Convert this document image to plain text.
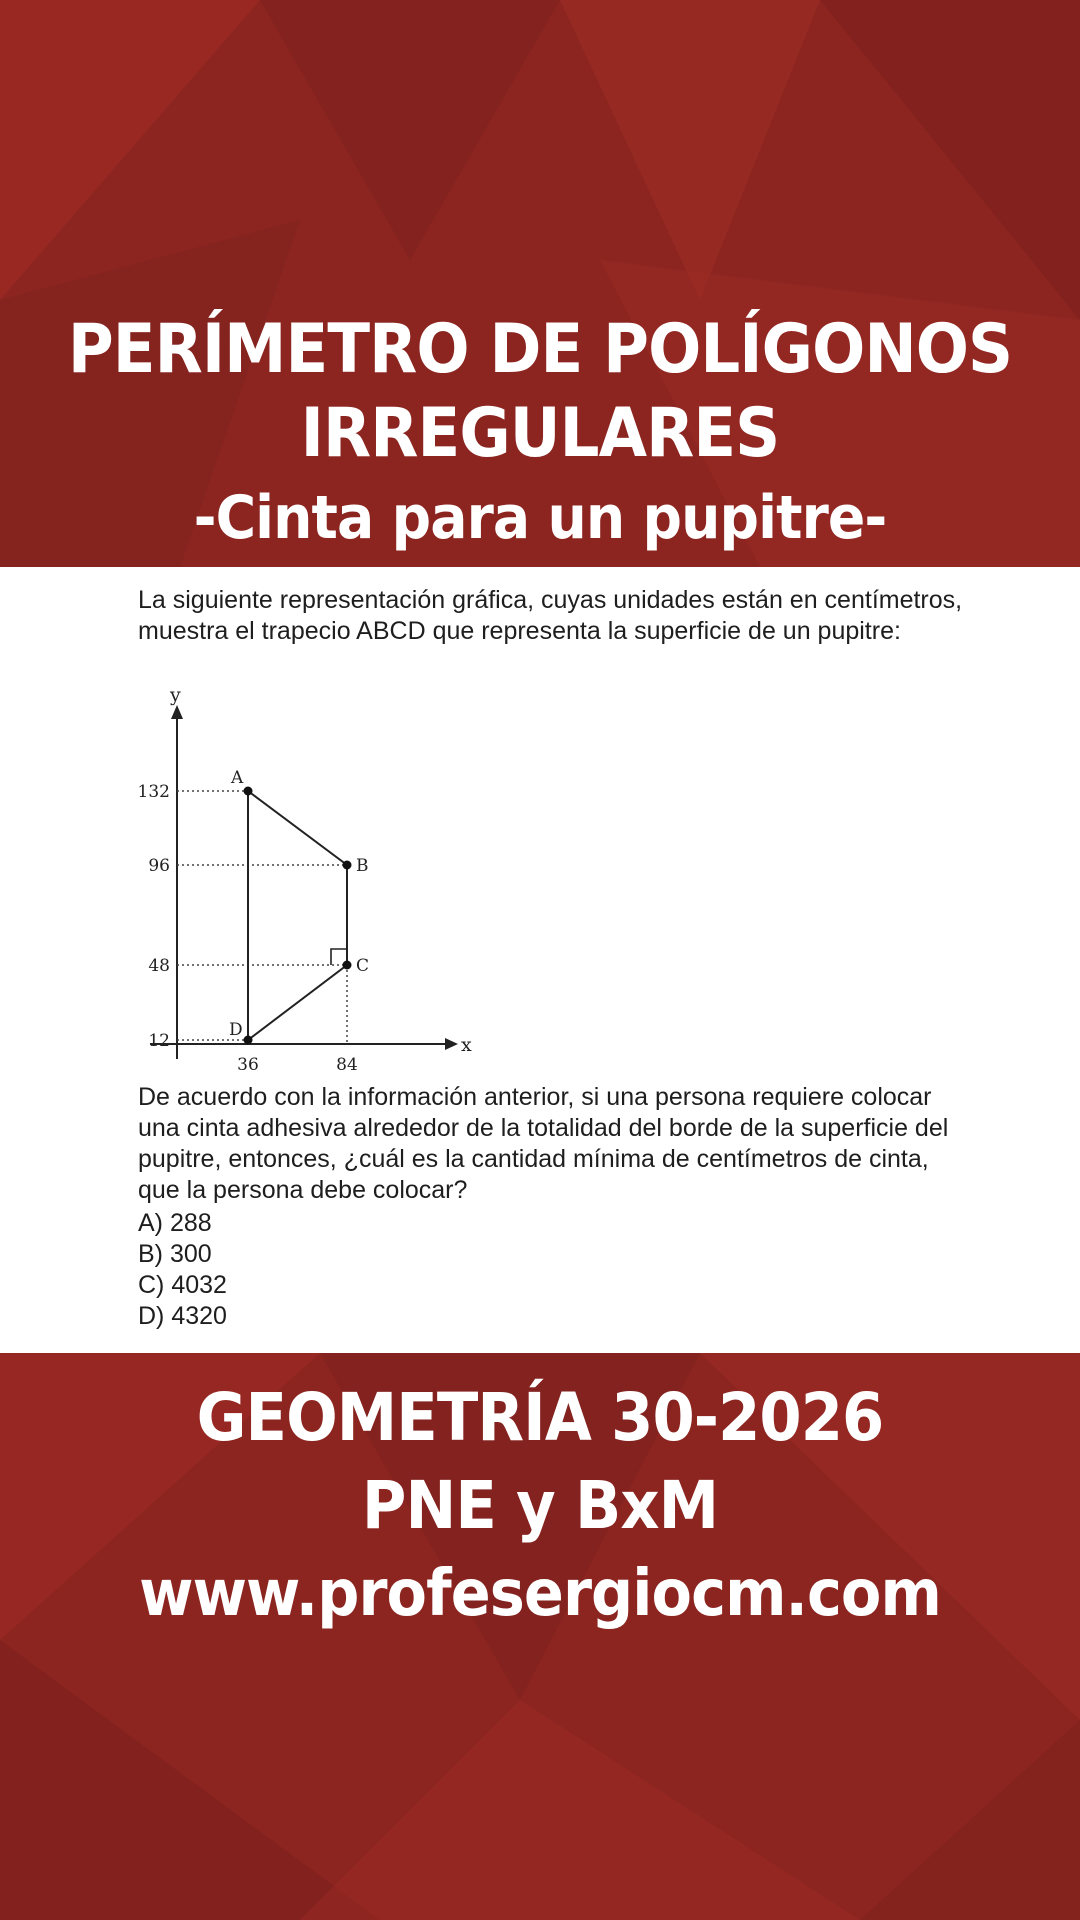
PERÍMETRO DE POLÍGONOS
IRREGULARES
-Cinta para un pupitre-
La siguiente representación gráfica, cuyas unidades están en centímetros, muestra el trapecio ABCD que representa la superficie de un pupitre:
x
y
132
96
48
12
36	84
A
B
C
D
De acuerdo con la información anterior, si una persona requiere colocar una cinta adhesiva alrededor de la totalidad del borde de la superficie del pupitre, entonces, ¿cuál es la cantidad mínima de centímetros de cinta, que la persona debe colocar?
A) 288
B) 300
C) 4032
D) 4320
GEOMETRÍA 30-2026
PNE y BxM
www.profesergiocm.com
